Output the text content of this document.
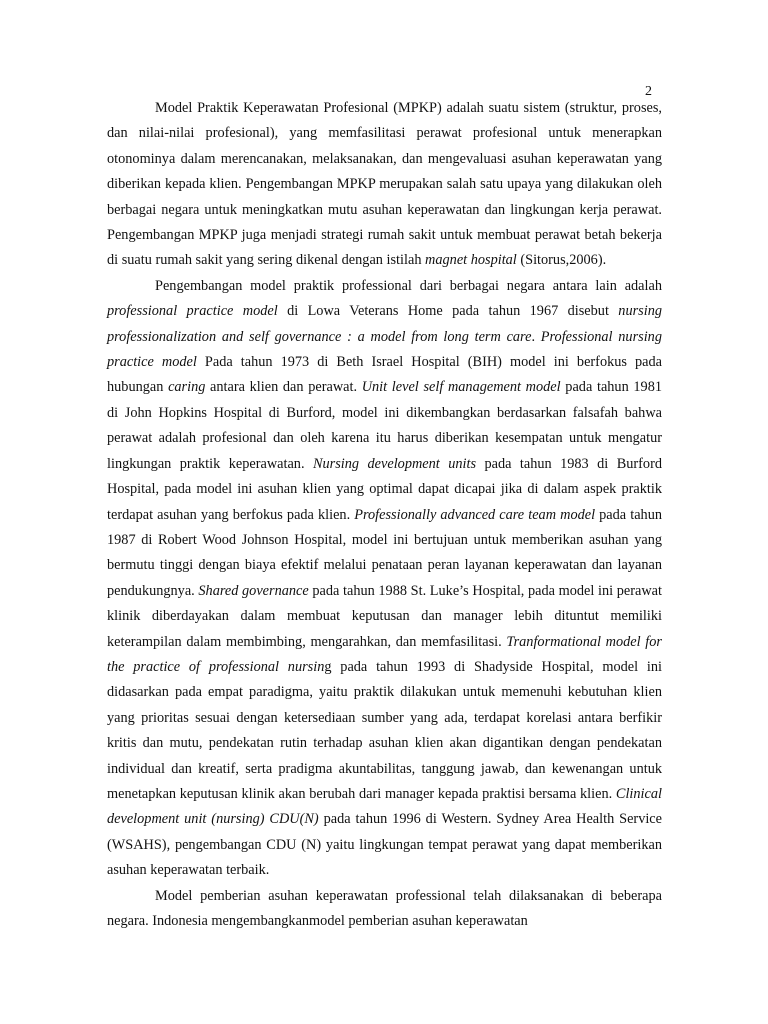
2

Model Praktik Keperawatan Profesional (MPKP) adalah suatu sistem (struktur, proses, dan nilai-nilai profesional), yang memfasilitasi perawat profesional untuk menerapkan otonominya dalam merencanakan, melaksanakan, dan mengevaluasi asuhan keperawatan yang diberikan kepada klien. Pengembangan MPKP merupakan salah satu upaya yang dilakukan oleh berbagai negara untuk meningkatkan mutu asuhan keperawatan dan lingkungan kerja perawat. Pengembangan MPKP juga menjadi strategi rumah sakit untuk membuat perawat betah bekerja di suatu rumah sakit yang sering dikenal dengan istilah magnet hospital (Sitorus,2006).

Pengembangan model praktik professional dari berbagai negara antara lain adalah professional practice model di Lowa Veterans Home pada tahun 1967 disebut nursing professionalization and self governance : a model from long term care. Professional nursing practice model Pada tahun 1973 di Beth Israel Hospital (BIH) model ini berfokus pada hubungan caring antara klien dan perawat. Unit level self management model pada tahun 1981 di John Hopkins Hospital di Burford, model ini dikembangkan berdasarkan falsafah bahwa perawat adalah profesional dan oleh karena itu harus diberikan kesempatan untuk mengatur lingkungan praktik keperawatan. Nursing development units pada tahun 1983 di Burford Hospital, pada model ini asuhan klien yang optimal dapat dicapai jika di dalam aspek praktik terdapat asuhan yang berfokus pada klien. Professionally advanced care team model pada tahun 1987 di Robert Wood Johnson Hospital, model ini bertujuan untuk memberikan asuhan yang bermutu tinggi dengan biaya efektif melalui penataan peran layanan keperawatan dan layanan pendukungnya. Shared governance pada tahun 1988 St. Luke’s Hospital, pada model ini perawat klinik diberdayakan dalam membuat keputusan dan manager lebih dituntut memiliki keterampilan dalam membimbing, mengarahkan, dan memfasilitasi. Tranformational model for the practice of professional nursing pada tahun 1993 di Shadyside Hospital, model ini didasarkan pada empat paradigma, yaitu praktik dilakukan untuk memenuhi kebutuhan klien yang prioritas sesuai dengan ketersediaan sumber yang ada, terdapat korelasi antara berfikir kritis dan mutu, pendekatan rutin terhadap asuhan klien akan digantikan dengan pendekatan individual dan kreatif, serta pradigma akuntabilitas, tanggung jawab, dan kewenangan untuk menetapkan keputusan klinik akan berubah dari manager kepada praktisi bersama klien. Clinical development unit (nursing) CDU(N) pada tahun 1996 di Western. Sydney Area Health Service (WSAHS), pengembangan CDU (N) yaitu lingkungan tempat perawat yang dapat memberikan asuhan keperawatan terbaik.

Model pemberian asuhan keperawatan professional telah dilaksanakan di beberapa negara. Indonesia mengembangkanmodel pemberian asuhan keperawatan
